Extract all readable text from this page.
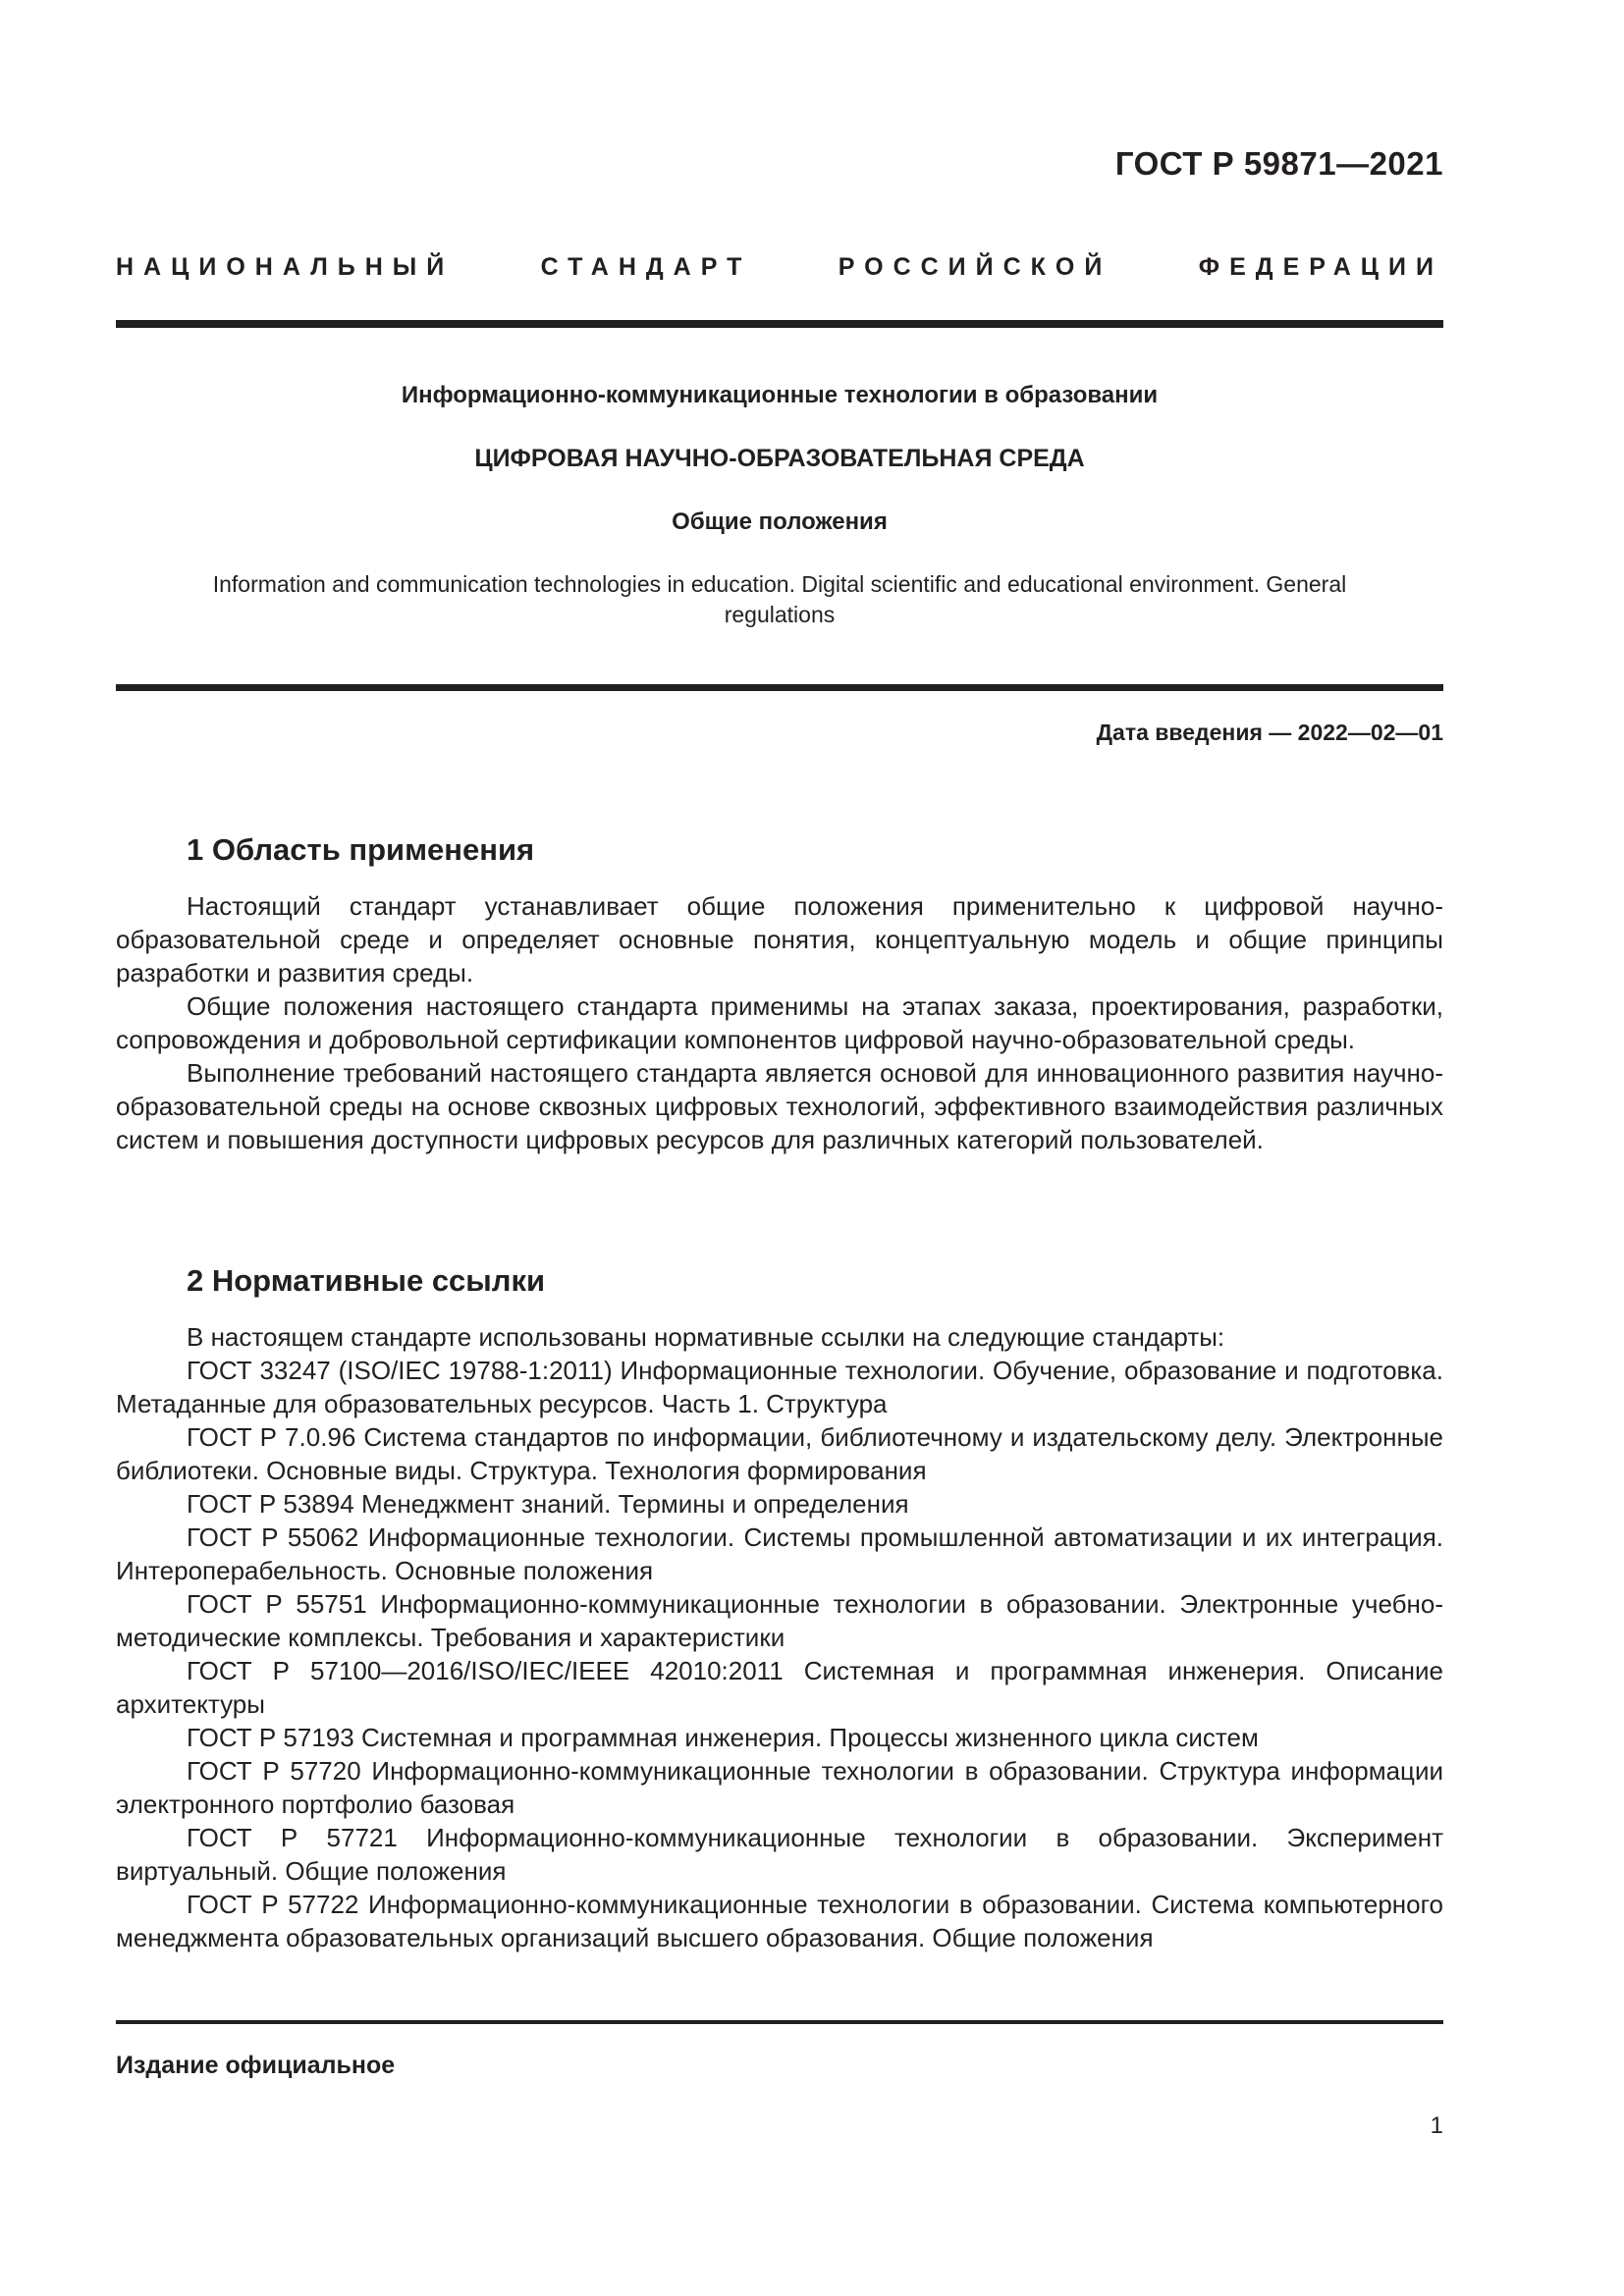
ГОСТ Р 59871—2021
НАЦИОНАЛЬНЫЙ СТАНДАРТ РОССИЙСКОЙ ФЕДЕРАЦИИ
Информационно-коммуникационные технологии в образовании
ЦИФРОВАЯ НАУЧНО-ОБРАЗОВАТЕЛЬНАЯ СРЕДА
Общие положения
Information and communication technologies in education. Digital scientific and educational environment. General regulations
Дата введения — 2022—02—01
1 Область применения

Настоящий стандарт устанавливает общие положения применительно к цифровой научно-образовательной среде и определяет основные понятия, концептуальную модель и общие принципы разработки и развития среды.

Общие положения настоящего стандарта применимы на этапах заказа, проектирования, разработки, сопровождения и добровольной сертификации компонентов цифровой научно-образовательной среды.

Выполнение требований настоящего стандарта является основой для инновационного развития научно-образовательной среды на основе сквозных цифровых технологий, эффективного взаимодействия различных систем и повышения доступности цифровых ресурсов для различных категорий пользователей.

2 Нормативные ссылки

В настоящем стандарте использованы нормативные ссылки на следующие стандарты:

ГОСТ 33247 (ISO/IEC 19788-1:2011) Информационные технологии. Обучение, образование и подготовка. Метаданные для образовательных ресурсов. Часть 1. Структура

ГОСТ Р 7.0.96 Система стандартов по информации, библиотечному и издательскому делу. Электронные библиотеки. Основные виды. Структура. Технология формирования

ГОСТ Р 53894 Менеджмент знаний. Термины и определения

ГОСТ Р 55062 Информационные технологии. Системы промышленной автоматизации и их интеграция. Интероперабельность. Основные положения

ГОСТ Р 55751 Информационно-коммуникационные технологии в образовании. Электронные учебно-методические комплексы. Требования и характеристики

ГОСТ Р 57100—2016/ISO/IEC/IEEE 42010:2011 Системная и программная инженерия. Описание архитектуры

ГОСТ Р 57193 Системная и программная инженерия. Процессы жизненного цикла систем

ГОСТ Р 57720 Информационно-коммуникационные технологии в образовании. Структура информации электронного портфолио базовая

ГОСТ Р 57721 Информационно-коммуникационные технологии в образовании. Эксперимент виртуальный. Общие положения

ГОСТ Р 57722 Информационно-коммуникационные технологии в образовании. Система компьютерного менеджмента образовательных организаций высшего образования. Общие положения

Издание официальное
1
